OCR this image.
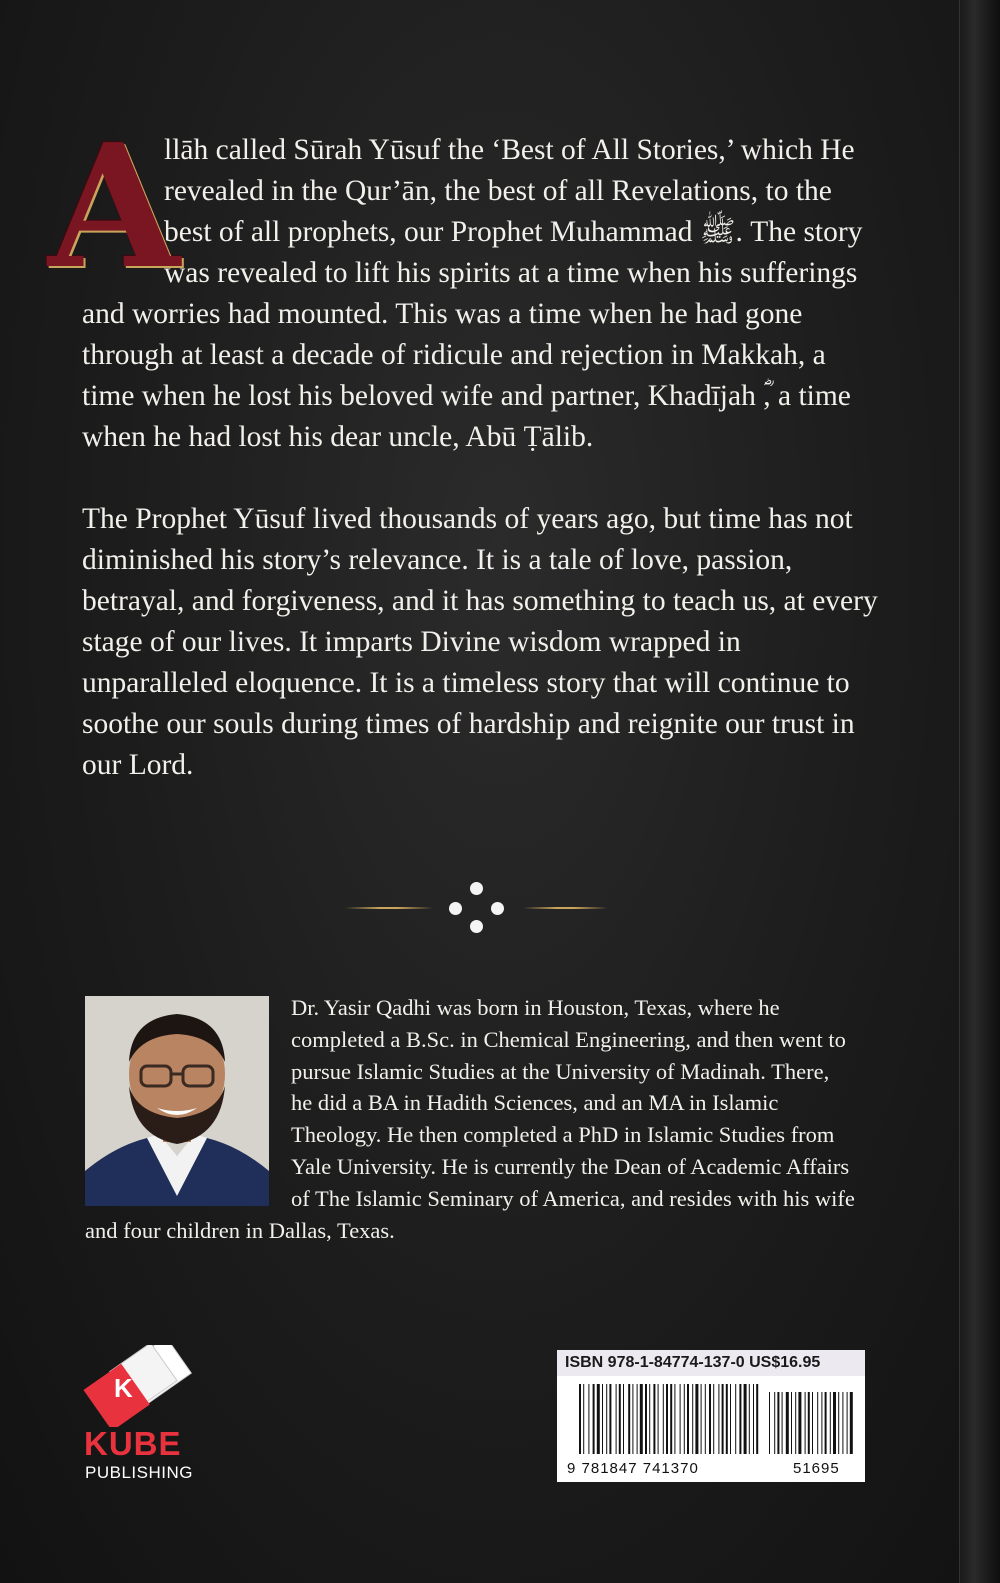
A
llāh called Sūrah Yūsuf the ‘Best of All Stories,’ which He revealed in the Qur’ān, the best of all Revelations, to the best of all prophets, our Prophet Muhammad ﷺ. The story was revealed to lift his spirits at a time when his sufferings and worries had mounted. This was a time when he had gone through at least a decade of ridicule and rejection in Makkah, a time when he lost his beloved wife and partner, Khadījah ؓ, a time when he had lost his dear uncle, Abū Ṭālib.

The Prophet Yūsuf lived thousands of years ago, but time has not diminished his story’s relevance. It is a tale of love, passion, betrayal, and forgiveness, and it has something to teach us, at every stage of our lives. It imparts Divine wisdom wrapped in unparalleled eloquence. It is a timeless story that will continue to soothe our souls during times of hardship and reignite our trust in our Lord.

Dr. Yasir Qadhi was born in Houston, Texas, where he completed a B.Sc. in Chemical Engineering, and then went to pursue Islamic Studies at the University of Madinah. There, he did a BA in Hadith Sciences, and an MA in Islamic Theology. He then completed a PhD in Islamic Studies from Yale University. He is currently the Dean of Academic Affairs of The Islamic Seminary of America, and resides with his wife and four children in Dallas, Texas.
K
KUBE
PUBLISHING
ISBN 978-1-84774-137-0 US$16.95
9 781847 741370	51695
